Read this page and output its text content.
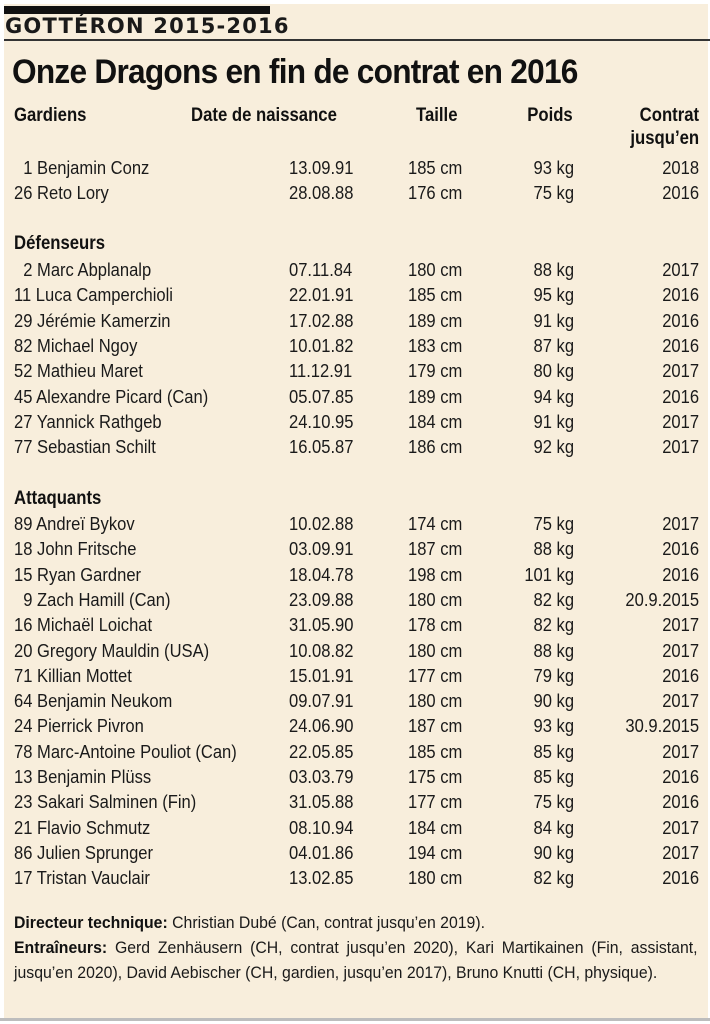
GOTTÉRON 2015-2016
Onze Dragons en fin de contrat en 2016
Gardiens	Date de naissance	Taille	Poids	Contrat
jusqu’en
1 Benjamin Conz	13.09.91	185 cm	93 kg	2018
26 Reto Lory	28.08.88	176 cm	75 kg	2016
Défenseurs
2 Marc Abplanalp	07.11.84	180 cm	88 kg	2017
11 Luca Camperchioli	22.01.91	185 cm	95 kg	2016
29 Jérémie Kamerzin	17.02.88	189 cm	91 kg	2016
82 Michael Ngoy	10.01.82	183 cm	87 kg	2016
52 Mathieu Maret	11.12.91	179 cm	80 kg	2017
45 Alexandre Picard (Can)	05.07.85	189 cm	94 kg	2016
27 Yannick Rathgeb	24.10.95	184 cm	91 kg	2017
77 Sebastian Schilt	16.05.87	186 cm	92 kg	2017
Attaquants
89 Andreï Bykov	10.02.88	174 cm	75 kg	2017
18 John Fritsche	03.09.91	187 cm	88 kg	2016
15 Ryan Gardner	18.04.78	198 cm	101 kg	2016
9 Zach Hamill (Can)	23.09.88	180 cm	82 kg	20.9.2015
16 Michaël Loichat	31.05.90	178 cm	82 kg	2017
20 Gregory Mauldin (USA)	10.08.82	180 cm	88 kg	2017
71 Killian Mottet	15.01.91	177 cm	79 kg	2016
64 Benjamin Neukom	09.07.91	180 cm	90 kg	2017
24 Pierrick Pivron	24.06.90	187 cm	93 kg	30.9.2015
78 Marc-Antoine Pouliot (Can)	22.05.85	185 cm	85 kg	2017
13 Benjamin Plüss	03.03.79	175 cm	85 kg	2016
23 Sakari Salminen (Fin)	31.05.88	177 cm	75 kg	2016
21 Flavio Schmutz	08.10.94	184 cm	84 kg	2017
86 Julien Sprunger	04.01.86	194 cm	90 kg	2017
17 Tristan Vauclair	13.02.85	180 cm	82 kg	2016

Directeur technique: Christian Dubé (Can, contrat jusqu’en 2019).

Entraîneurs: Gerd Zenhäusern (CH, contrat jusqu’en 2020), Kari Martikainen (Fin, assistant, jusqu’en 2020), David Aebischer (CH, gardien, jusqu’en 2017), Bruno Knutti (CH, physique).
